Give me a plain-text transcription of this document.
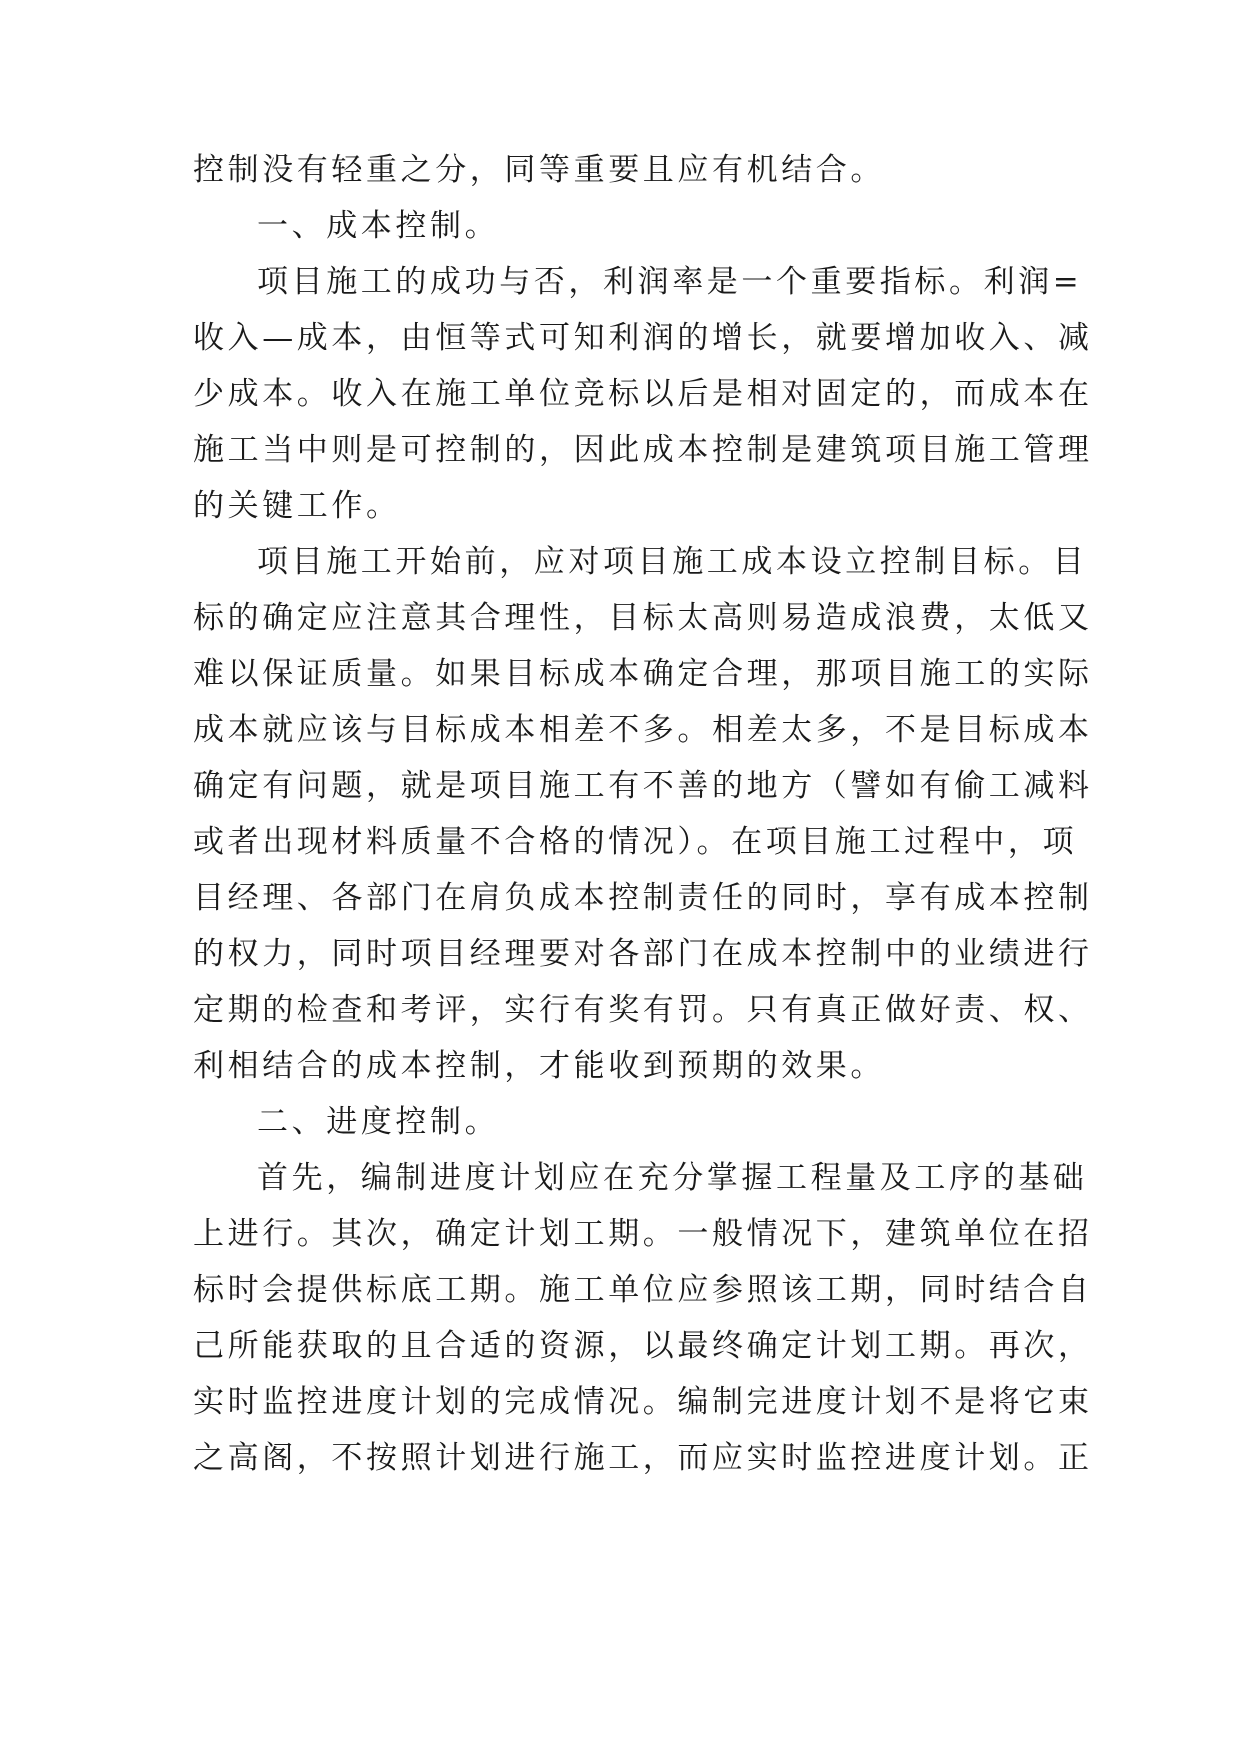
控制没有轻重之分，同等重要且应有机结合。
一、成本控制。
项目施工的成功与否，利润率是一个重要指标。利润=
收入—成本，由恒等式可知利润的增长，就要增加收入、减
少成本。收入在施工单位竞标以后是相对固定的，而成本在
施工当中则是可控制的，因此成本控制是建筑项目施工管理
的关键工作。
项目施工开始前，应对项目施工成本设立控制目标。目
标的确定应注意其合理性，目标太高则易造成浪费，太低又
难以保证质量。如果目标成本确定合理，那项目施工的实际
成本就应该与目标成本相差不多。相差太多，不是目标成本
确定有问题，就是项目施工有不善的地方（譬如有偷工减料
或者出现材料质量不合格的情况）。在项目施工过程中，项
目经理、各部门在肩负成本控制责任的同时，享有成本控制
的权力，同时项目经理要对各部门在成本控制中的业绩进行
定期的检查和考评，实行有奖有罚。只有真正做好责、权、
利相结合的成本控制，才能收到预期的效果。
二、进度控制。
首先，编制进度计划应在充分掌握工程量及工序的基础
上进行。其次，确定计划工期。一般情况下，建筑单位在招
标时会提供标底工期。施工单位应参照该工期，同时结合自
己所能获取的且合适的资源，以最终确定计划工期。再次，
实时监控进度计划的完成情况。编制完进度计划不是将它束
之高阁，不按照计划进行施工，而应实时监控进度计划。正
